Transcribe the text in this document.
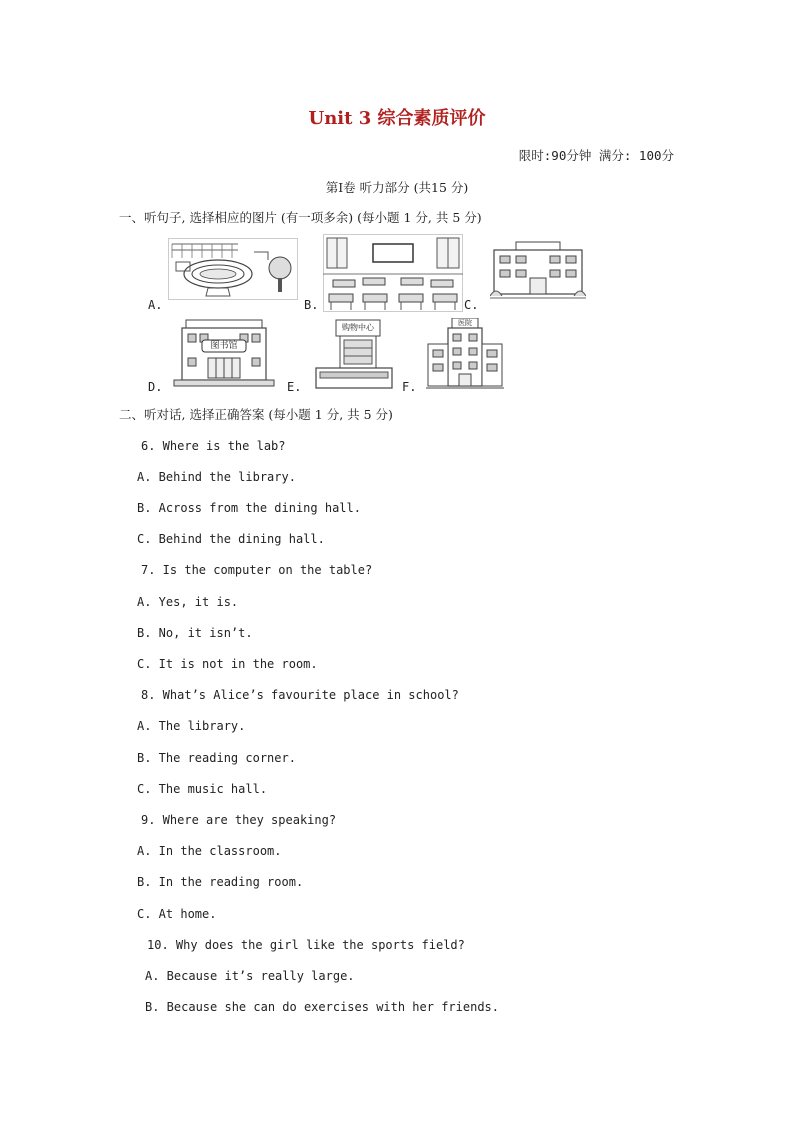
Unit 3 综合素质评价
限时:90分钟 满分: 100分
第Ⅰ卷 听力部分 (共15 分)
一、听句子, 选择相应的图片 (有一项多余) (每小题 1 分, 共 5 分)
A.	B.	C.
图书馆
D.
购物中心
E.
医院
F.
二、听对话, 选择正确答案 (每小题 1 分, 共 5 分)
6. Where is the lab?
A. Behind the library.
B. Across from the dining hall.
C. Behind the dining hall.
7. Is the computer on the table?
A. Yes, it is.
B. No, it isn’t.
C. It is not in the room.
8. What’s Alice’s favourite place in school?
A. The library.
B. The reading corner.
C. The music hall.
9. Where are they speaking?
A. In the classroom.
B. In the reading room.
C. At home.
10. Why does the girl like the sports field?
A. Because it’s really large.
B. Because she can do exercises with her friends.
